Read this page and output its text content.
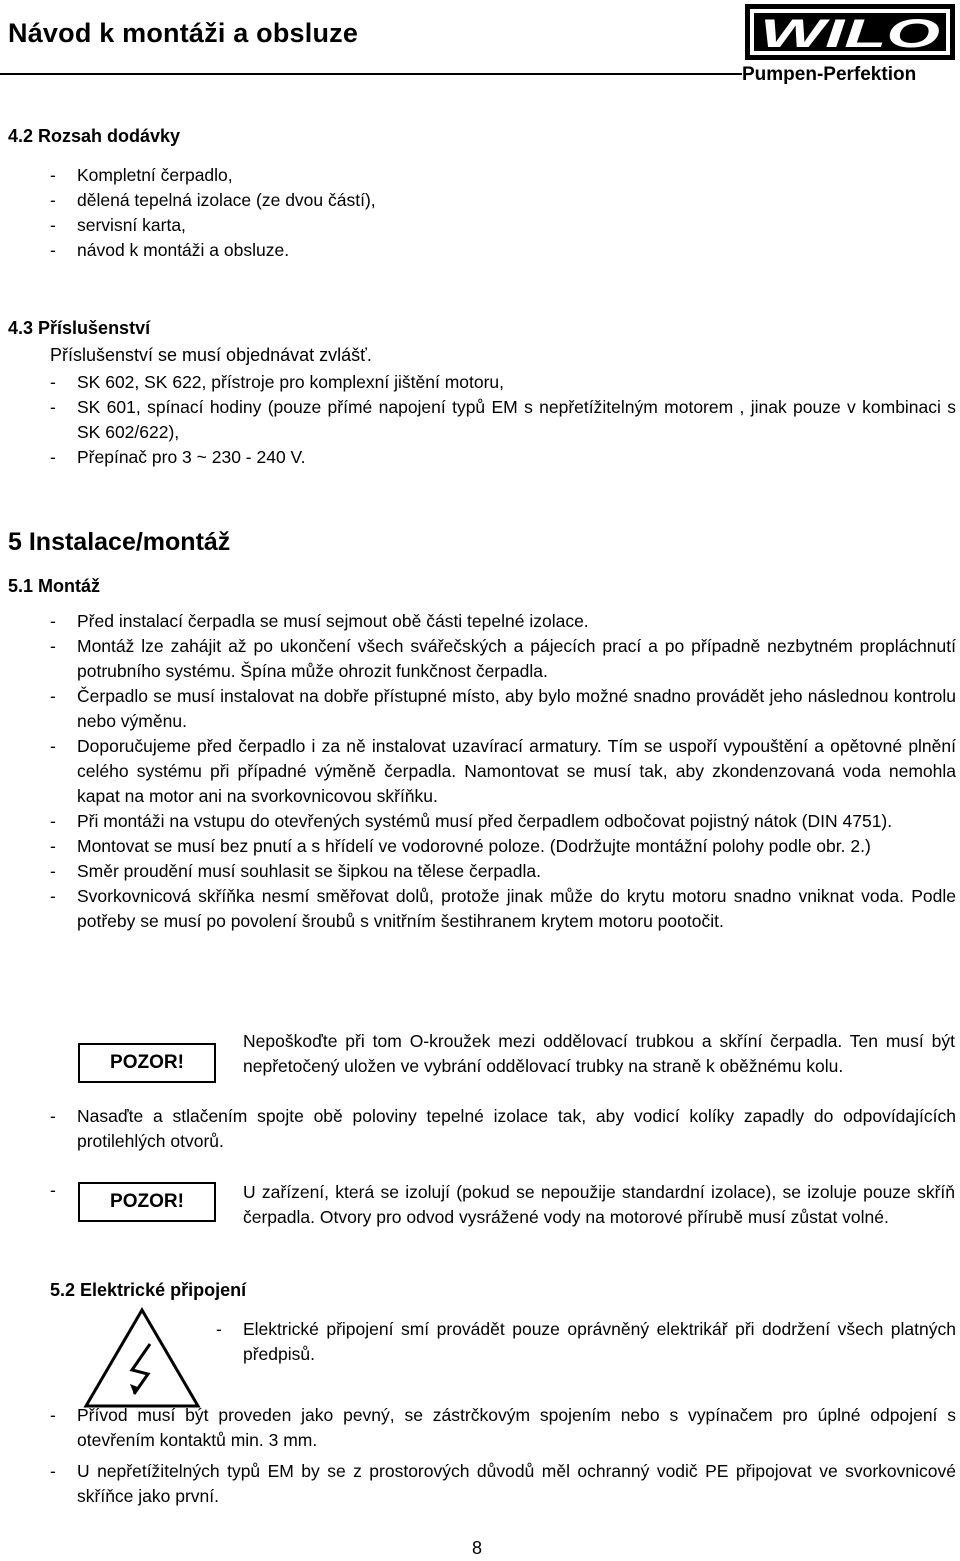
Návod k montáži a obsluze	WILO
Pumpen-Perfektion
4.2 Rozsah dodávky
- Kompletní čerpadlo,
- dělená tepelná izolace (ze dvou částí),
- servisní karta,
- návod k montáži a obsluze.
4.3 Příslušenství
Příslušenství se musí objednávat zvlášť.
- SK 602, SK 622, přístroje pro komplexní jištění motoru,
- SK 601, spínací hodiny (pouze přímé napojení typů EM s nepřetížitelným motorem , jinak pouze v kombinaci s SK 602/622),
- Přepínač pro 3 ~ 230 - 240 V.
5 Instalace/montáž
5.1 Montáž
- Před instalací čerpadla se musí sejmout obě části tepelné izolace.
- Montáž lze zahájit až po ukončení všech svářečských a pájecích prací a po případně nezbytném propláchnutí potrubního systému. Špína může ohrozit funkčnost čerpadla.
- Čerpadlo se musí instalovat na dobře přístupné místo, aby bylo možné snadno provádět jeho následnou kontrolu nebo výměnu.
- Doporučujeme před čerpadlo i za ně instalovat uzavírací armatury. Tím se uspoří vypouštění a opětovné plnění celého systému při případné výměně čerpadla. Namontovat se musí tak, aby zkondenzovaná voda nemohla kapat na motor ani na svorkovnicovou skříňku.
- Při montáži na vstupu do otevřených systémů musí před čerpadlem odbočovat pojistný nátok (DIN 4751).
- Montovat se musí bez pnutí a s hřídelí ve vodorovné poloze. (Dodržujte montážní polohy podle obr. 2.)
- Směr proudění musí souhlasit se šipkou na tělese čerpadla.
- Svorkovnicová skříňka nesmí směřovat dolů, protože jinak může do krytu motoru snadno vniknat voda. Podle potřeby se musí po povolení šroubů s vnitřním šestihranem krytem motoru pootočit.
POZOR!

Nepoškoďte při tom O-kroužek mezi oddělovací trubkou a skříní čerpadla. Ten musí být nepřetočený uložen ve vybrání oddělovací trubky na straně k oběžnému kolu.

- Nasaďte a stlačením spojte obě poloviny tepelné izolace tak, aby vodicí kolíky zapadly do odpovídajících protilehlých otvorů.
-
POZOR!	U zařízení, která se izolují (pokud se nepoužije standardní izolace), se izoluje pouze skříň čerpadla. Otvory pro odvod vysrážené vody na motorové přírubě musí zůstat volné.

5.2 Elektrické připojení
- Elektrické připojení smí provádět pouze oprávněný elektrikář při dodržení všech platných předpisů.
- Přívod musí být proveden jako pevný, se zástrčkovým spojením nebo s vypínačem pro úplné odpojení s otevřením kontaktů min. 3 mm.
- U nepřetížitelných typů EM by se z prostorových důvodů měl ochranný vodič PE připojovat ve svorkovnicové skříňce jako první.
8
